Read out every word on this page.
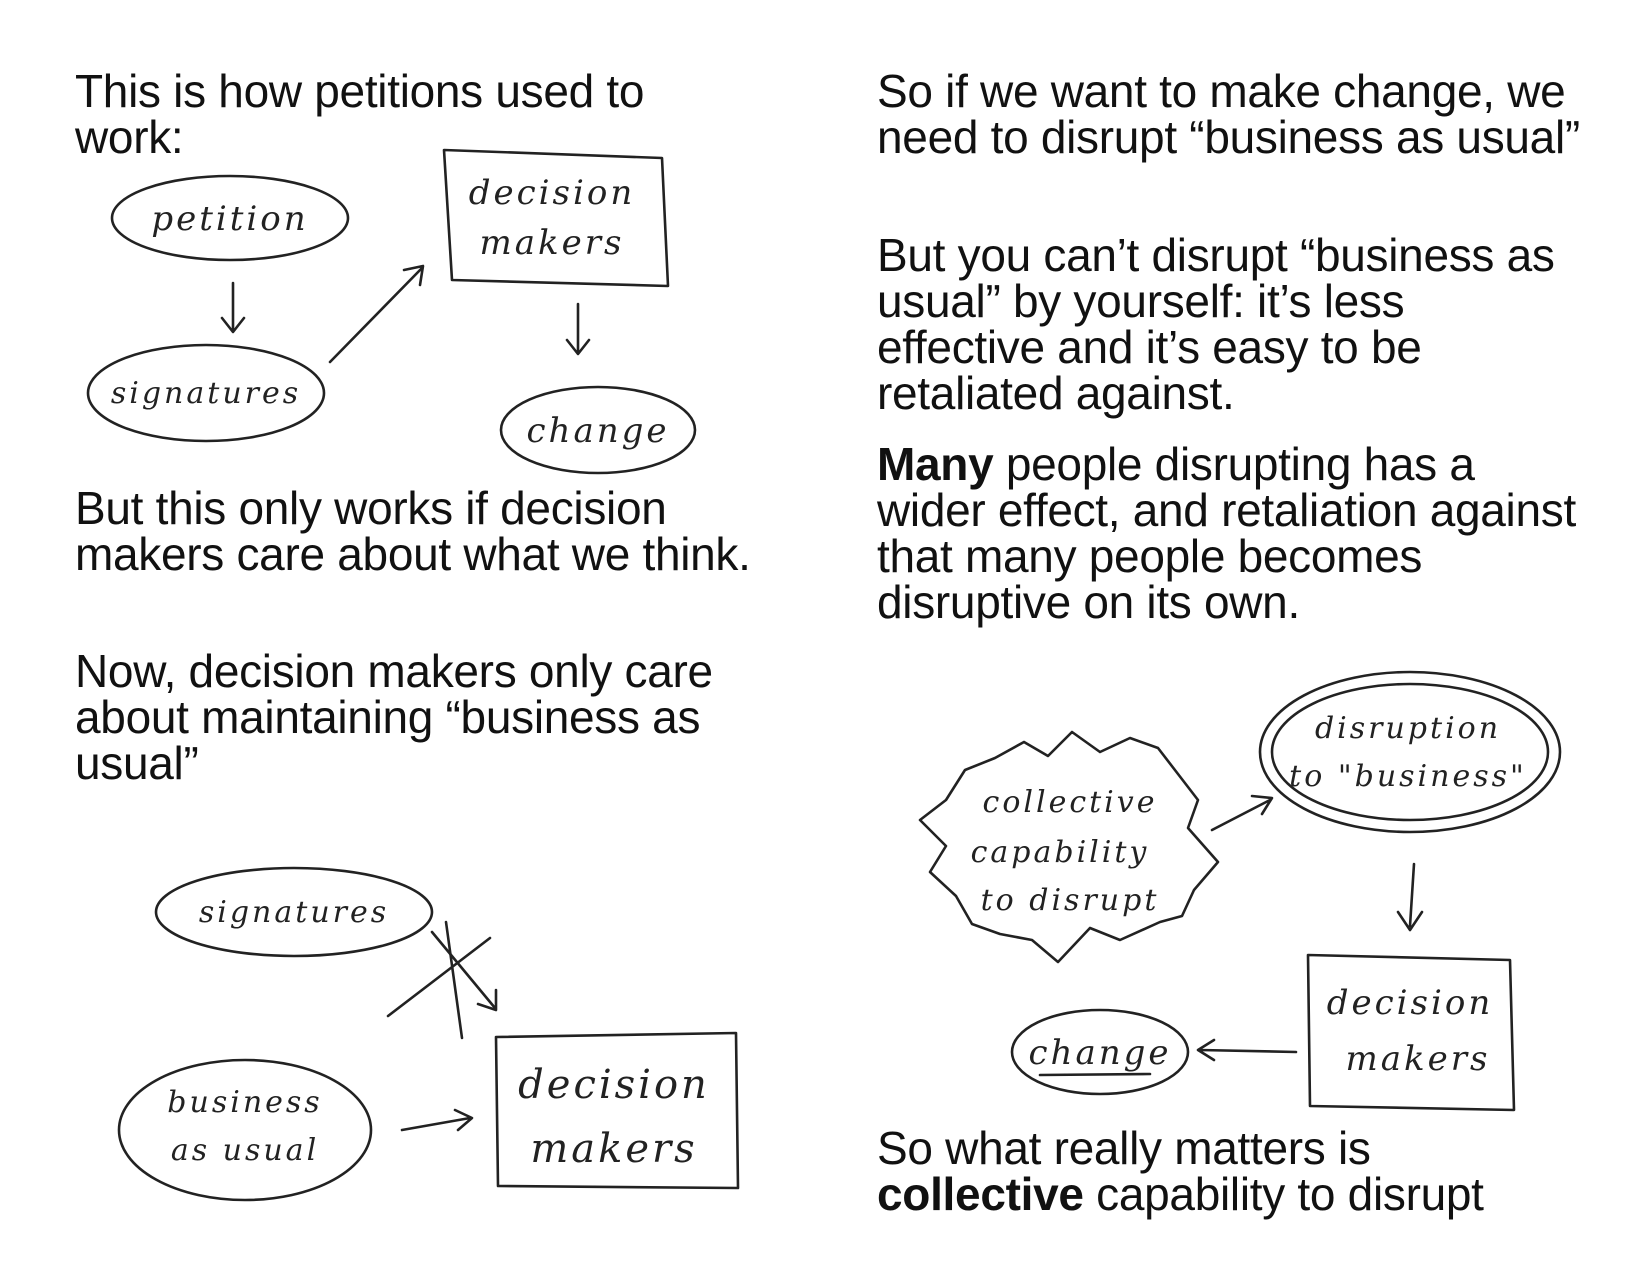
This is how petitions used to work:

But this only works if decision makers care about what we think.

Now, decision makers only care about maintaining “business as usual”

So if we want to make change, we need to disrupt “business as usual”

But you can’t disrupt “business as usual” by yourself: it’s less effective and it’s easy to be retaliated against.

Many people disrupting has a wider effect, and retaliation against that many people becomes disruptive on its own.

So what really matters is
collective capability to disrupt

petition
signatures
decision
makers
change
signatures
business
as usual
decision
makers
collective
capability
to disrupt
disruption
to "business"
decision
makers
change
